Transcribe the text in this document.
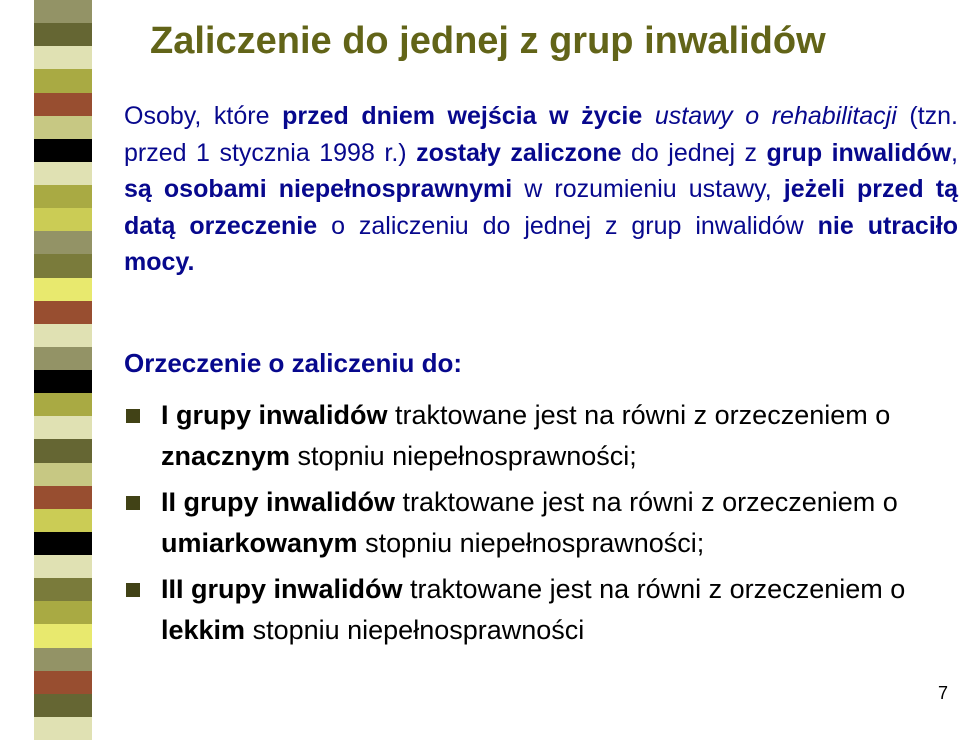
Zaliczenie do jednej z grup inwalidów

Osoby, które przed dniem wejścia w życie ustawy o rehabilitacji (tzn. przed 1 stycznia 1998 r.) zostały zaliczone do jednej z grup inwalidów, są osobami niepełnosprawnymi w rozumieniu ustawy, jeżeli przed tą datą orzeczenie o zaliczeniu do jednej z grup inwalidów nie utraciło mocy.

Orzeczenie o zaliczeniu do:

I grupy inwalidów traktowane jest na równi z orzeczeniem o znacznym stopniu niepełnosprawności;
II grupy inwalidów traktowane jest na równi z orzeczeniem o umiarkowanym stopniu niepełnosprawności;
III grupy inwalidów traktowane jest na równi z orzeczeniem o lekkim stopniu niepełnosprawności
7
